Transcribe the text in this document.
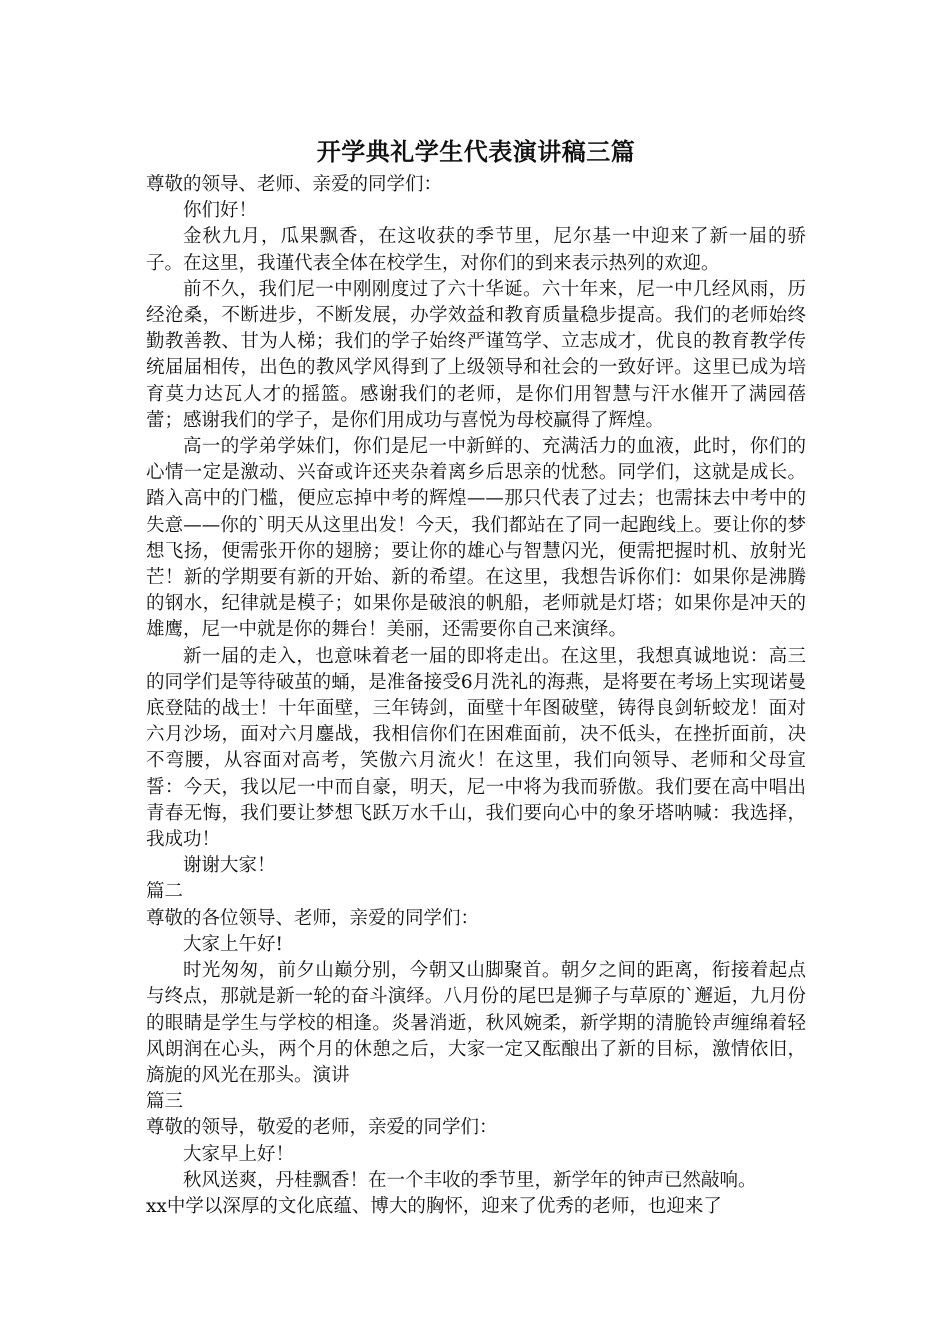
开学典礼学生代表演讲稿三篇

尊敬的领导、老师、亲爱的同学们：

你们好！

金秋九月，瓜果飘香，在这收获的季节里，尼尔基一中迎来了新一届的骄子。在这里，我谨代表全体在校学生，对你们的到来表示热列的欢迎。

前不久，我们尼一中刚刚度过了六十华诞。六十年来，尼一中几经风雨，历经沧桑，不断进步，不断发展，办学效益和教育质量稳步提高。我们的老师始终勤教善教、甘为人梯；我们的学子始终严谨笃学、立志成才，优良的教育教学传统届届相传，出色的教风学风得到了上级领导和社会的一致好评。这里已成为培育莫力达瓦人才的摇篮。感谢我们的老师，是你们用智慧与汗水催开了满园蓓蕾；感谢我们的学子，是你们用成功与喜悦为母校赢得了辉煌。

高一的学弟学妹们，你们是尼一中新鲜的、充满活力的血液，此时，你们的心情一定是激动、兴奋或许还夹杂着离乡后思亲的忧愁。同学们，这就是成长。踏入高中的门槛，便应忘掉中考的辉煌——那只代表了过去；也需抹去中考中的失意——你的`明天从这里出发！今天，我们都站在了同一起跑线上。要让你的梦想飞扬，便需张开你的翅膀；要让你的雄心与智慧闪光，便需把握时机、放射光芒！新的学期要有新的开始、新的希望。在这里，我想告诉你们：如果你是沸腾的钢水，纪律就是模子；如果你是破浪的帆船，老师就是灯塔；如果你是冲天的雄鹰，尼一中就是你的舞台！美丽，还需要你自己来演绎。

新一届的走入，也意味着老一届的即将走出。在这里，我想真诚地说：高三的同学们是等待破茧的蛹，是准备接受6月洗礼的海燕，是将要在考场上实现诺曼底登陆的战士！十年面壁，三年铸剑，面壁十年图破壁，铸得良剑斩蛟龙！面对六月沙场，面对六月鏖战，我相信你们在困难面前，决不低头，在挫折面前，决不弯腰，从容面对高考，笑傲六月流火！在这里，我们向领导、老师和父母宣誓：今天，我以尼一中而自豪，明天，尼一中将为我而骄傲。我们要在高中唱出青春无悔，我们要让梦想飞跃万水千山，我们要向心中的象牙塔呐喊：我选择，我成功！

谢谢大家！

篇二

尊敬的各位领导、老师，亲爱的同学们：

大家上午好!

时光匆匆，前夕山巅分别，今朝又山脚聚首。朝夕之间的距离，衔接着起点与终点，那就是新一轮的奋斗演绎。八月份的尾巴是狮子与草原的`邂逅，九月份的眼睛是学生与学校的相逢。炎暑消逝，秋风婉柔，新学期的清脆铃声缠绵着轻风朗润在心头，两个月的休憩之后，大家一定又酝酿出了新的目标，激情依旧，旖旎的风光在那头。演讲

篇三

尊敬的领导，敬爱的老师，亲爱的同学们：

大家早上好！

秋风送爽，丹桂飘香！在一个丰收的季节里，新学年的钟声已然敲响。

xx中学以深厚的文化底蕴、博大的胸怀，迎来了优秀的老师，也迎来了
